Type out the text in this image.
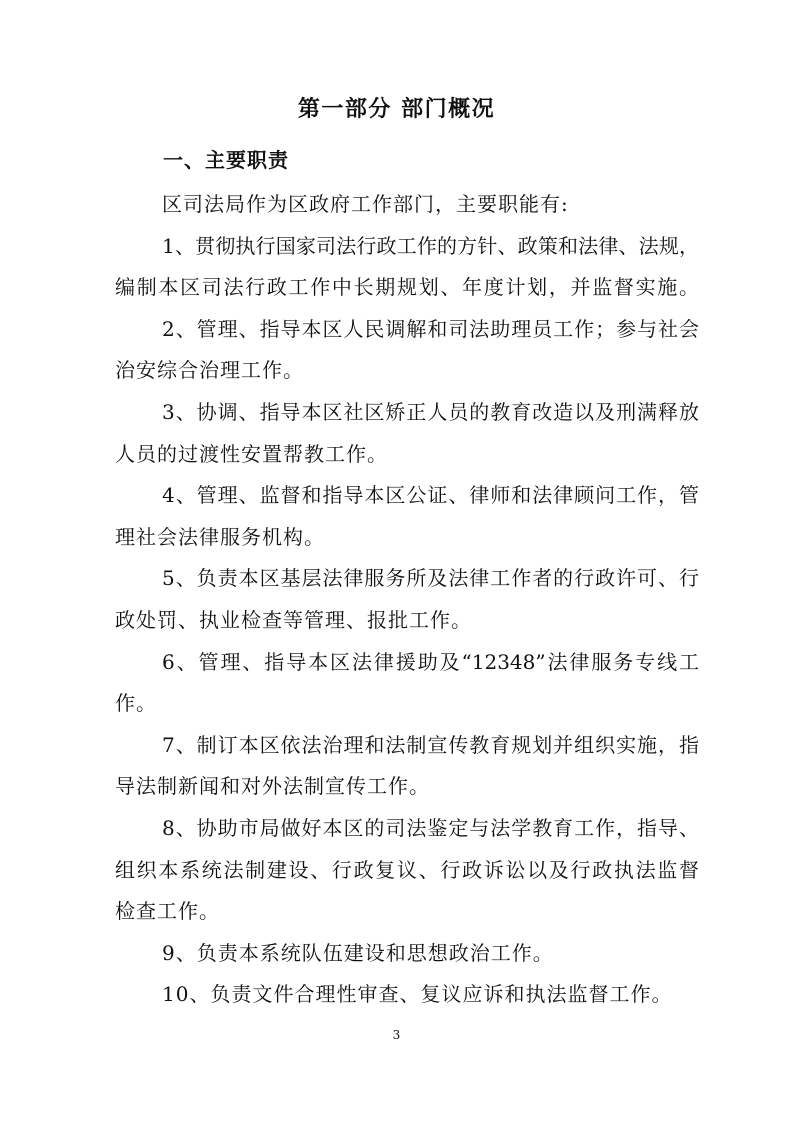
第一部分 部门概况
一、主要职责
区司法局作为区政府工作部门，主要职能有:
1、贯彻执行国家司法行政工作的方针、政策和法律、法规，
编制本区司法行政工作中长期规划、年度计划，并监督实施。
2、管理、指导本区人民调解和司法助理员工作；参与社会
治安综合治理工作。
3、协调、指导本区社区矫正人员的教育改造以及刑满释放
人员的过渡性安置帮教工作。
4、管理、监督和指导本区公证、律师和法律顾问工作，管
理社会法律服务机构。
5、负责本区基层法律服务所及法律工作者的行政许可、行
政处罚、执业检查等管理、报批工作。
6、管理、指导本区法律援助及“12348”法律服务专线工
作。
7、制订本区依法治理和法制宣传教育规划并组织实施，指
导法制新闻和对外法制宣传工作。
8、协助市局做好本区的司法鉴定与法学教育工作，指导、
组织本系统法制建设、行政复议、行政诉讼以及行政执法监督
检查工作。
9、负责本系统队伍建设和思想政治工作。
10、负责文件合理性审查、复议应诉和执法监督工作。
3
